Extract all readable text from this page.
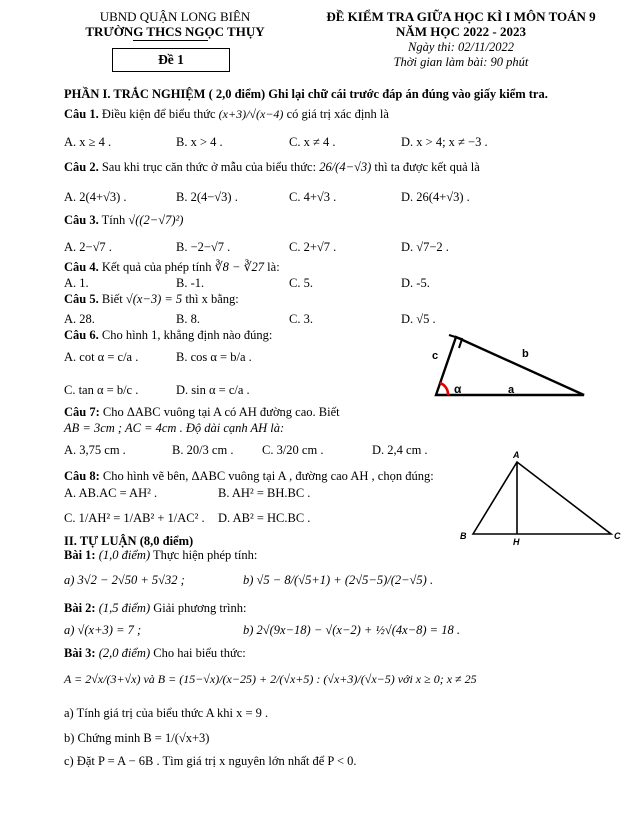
UBND QUẬN LONG BIÊN
TRƯỜNG THCS NGỌC THỤY
Đề 1
ĐỀ KIỂM TRA GIỮA HỌC KÌ I MÔN TOÁN 9
NĂM HỌC 2022 - 2023
Ngày thi: 02/11/2022
Thời gian làm bài: 90 phút
PHẦN I. TRẮC NGHIỆM ( 2,0 điểm) Ghi lại chữ cái trước đáp án đúng vào giấy kiểm tra.
Câu 1. Điều kiện để biểu thức (x+3)/√(x−4) có giá trị xác định là
A. x ≥ 4 .	B. x > 4 .	C. x ≠ 4 .	D. x > 4; x ≠ −3 .
Câu 2. Sau khi trục căn thức ở mẫu của biểu thức: 26/(4−√3) thì ta được kết quả là
A. 2(4+√3) .	B. 2(4−√3) .	C. 4+√3 .	D. 26(4+√3) .
Câu 3. Tính √((2−√7)²)
A. 2−√7 .	B. −2−√7 .	C. 2+√7 .	D. √7−2 .
Câu 4. Kết quả của phép tính ∛8 − ∛27 là:
A. 1.	B. -1.	C. 5.	D. -5.
Câu 5. Biết √(x−3) = 5 thì x bằng:
A. 28.	B. 8.	C. 3.	D. √5 .
Câu 6. Cho hình 1, khẳng định nào đúng:
A. cot α = c/a .	B. cos α = b/a .
C. tan α = b/c .	D. sin α = c/a .
c	b
α	a
Câu 7: Cho ΔABC vuông tại A có AH đường cao. Biết
AB = 3cm ; AC = 4cm . Độ dài cạnh AH là:
A. 3,75 cm .	B. 20/3 cm . C. 3/20 cm .	D. 2,4 cm .
Câu 8: Cho hình vẽ bên, ΔABC vuông tại A , đường cao AH , chọn đúng:
A. AB.AC = AH² .	B. AH² = BH.BC .
C. 1/AH² = 1/AB² + 1/AC² . D. AB² = HC.BC .
A
B
H
C
II. TỰ LUẬN (8,0 điểm)
Bài 1: (1,0 điểm) Thực hiện phép tính:
a) 3√2 − 2√50 + 5√32 ;	b) √5 − 8/(√5+1) + (2√5−5)/(2−√5) .
Bài 2: (1,5 điểm) Giải phương trình:
a) √(x+3) = 7 ;	b) 2√(9x−18) − √(x−2) + ½√(4x−8) = 18 .
Bài 3: (2,0 điểm) Cho hai biểu thức:
A = 2√x/(3+√x) và B = (15−√x)/(x−25) + 2/(√x+5) : (√x+3)/(√x−5) với x ≥ 0; x ≠ 25
a) Tính giá trị của biểu thức A khi x = 9 .
b) Chứng minh B = 1/(√x+3)
c) Đặt P = A − 6B . Tìm giá trị x nguyên lớn nhất để P < 0.
